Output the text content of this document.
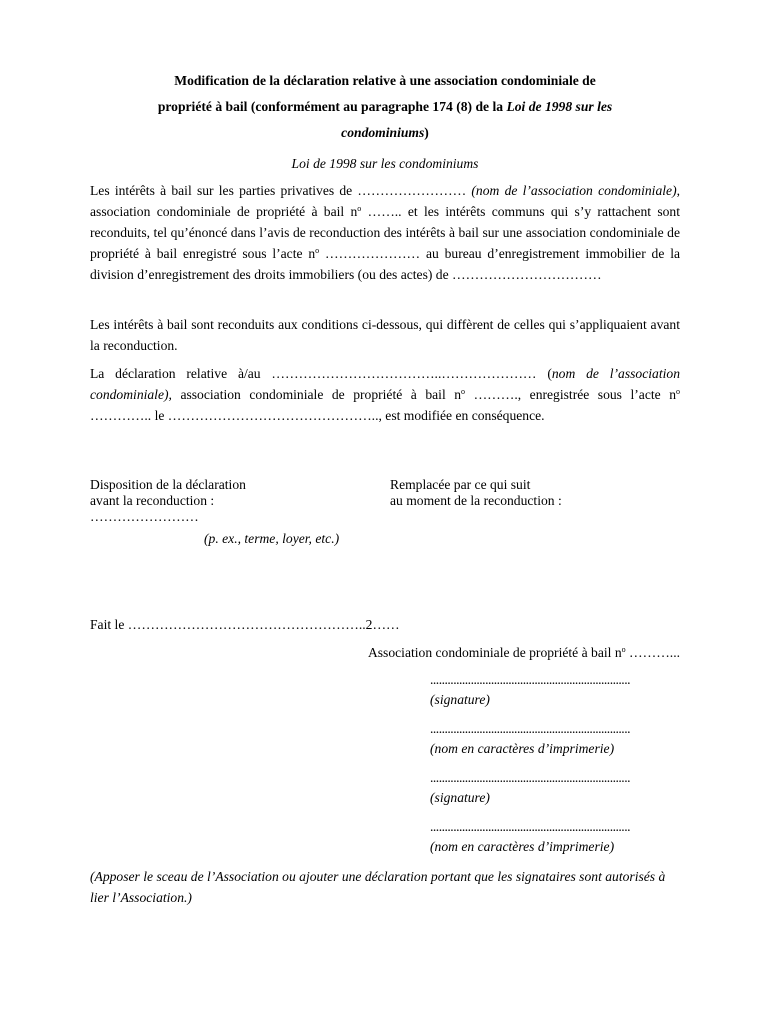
Modification de la déclaration relative à une association condominiale de
propriété à bail (conformément au paragraphe 174 (8) de la Loi de 1998 sur les
condominiums)
Loi de 1998 sur les condominiums
Les intérêts à bail sur les parties privatives de …………………… (nom de l’association condominiale), association condominiale de propriété à bail $n^o$ …….. et les intérêts communs qui s’y rattachent sont reconduits, tel qu’énoncé dans l’avis de reconduction des intérêts à bail sur une association condominiale de propriété à bail enregistré sous l’acte $n^o$ ………………… au bureau d’enregistrement immobilier de la division d’enregistrement des droits immobiliers (ou des actes) de ……………………………
Les intérêts à bail sont reconduits aux conditions ci-dessous, qui diffèrent de celles qui s’appliquaient avant la reconduction.
La déclaration relative à/au ………………………………..………………… (nom de l’association condominiale), association condominiale de propriété à bail $n^o$ ………., enregistrée sous l’acte $n^o$ ………….. le ……………………………………….., est modifiée en conséquence.
Disposition de la déclaration
avant la reconduction :
……………………
Remplacée par ce qui suit
au moment de la reconduction :
(p. ex., terme, loyer, etc.)
Fait le ……………………………………………..2……
Association condominiale de propriété à bail $n^o$ ………...
.....................................................................
(signature)
.....................................................................
(nom en caractères d’imprimerie)
.....................................................................
(signature)
.....................................................................
(nom en caractères d’imprimerie)
(Apposer le sceau de l’Association ou ajouter une déclaration portant que les signataires sont autorisés à lier l’Association.)
